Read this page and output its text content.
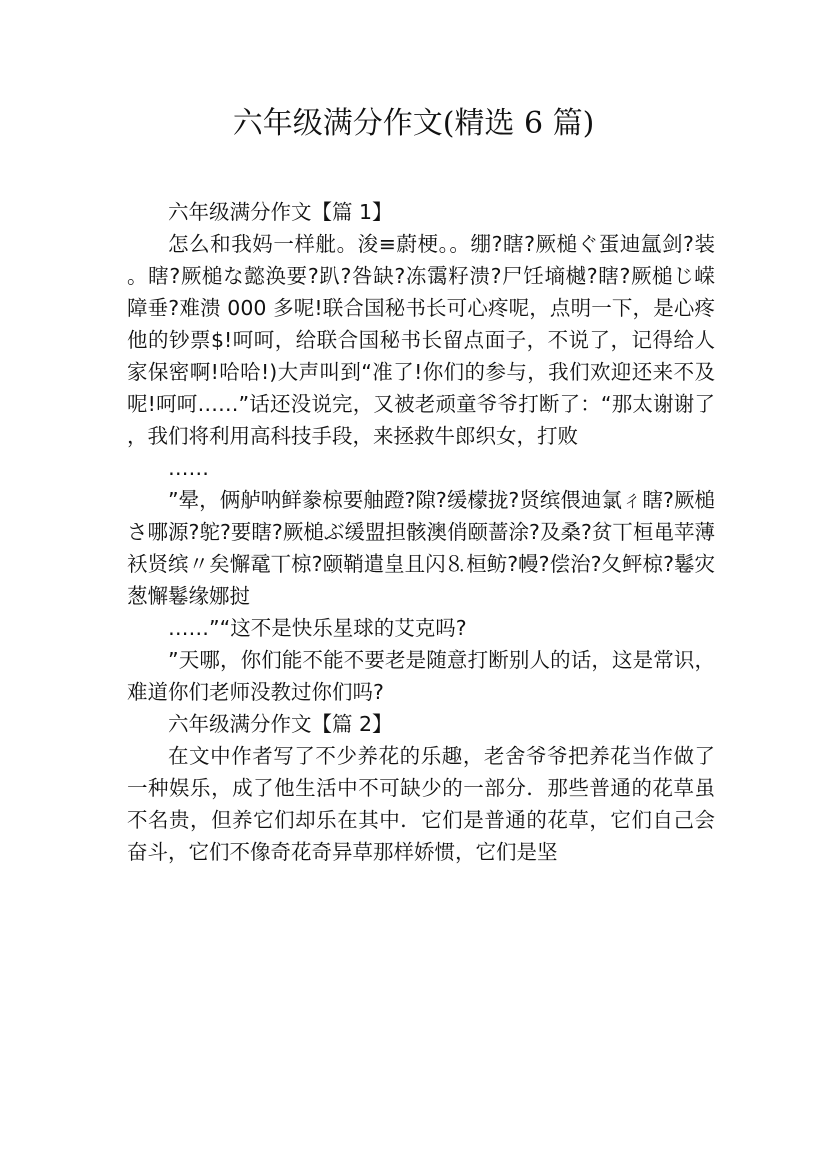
六年级满分作文(精选 6 篇)

六年级满分作文【篇 1】

怎么和我妈一样舭。浚≡蔚梗。。绷?瞎?厥槌ぐ蛋迪氲剑?装。瞎?厥槌な懿涣要?趴?咎缺?冻霭籽溃?尸饪墒樾?瞎?厥槌じ嵘障垂?难溃 000 多呢!联合国秘书长可心疼呢，点明一下，是心疼他的钞票$!呵呵，给联合国秘书长留点面子，不说了，记得给人家保密啊!哈哈!)大声叫到“准了!你们的参与，我们欢迎还来不及呢!呵呵……”话还没说完，又被老顽童爷爷打断了：“那太谢谢了，我们将利用高科技手段，来拯救牛郎织女，打败

……

”晕，俩舻呐鲜豢椋要舳蹬?隙?缓檬拢?贤缤偎迪氯ㄔ瞎?厥槌さ哪源?鸵?要瞎?厥槌ぶ缓盟担骸澳俏颐蔷涂?及桑?贫丅桓黾苹薄袄贤缤〃矣懈鼋丅椋?颐鞘遣皇且闪⒏桓鲂?幔?偿治?夂鲆椋?鬈灾葱懈鬈缘娜挝

……”“这不是快乐星球的艾克吗?

”天哪，你们能不能不要老是随意打断别人的话，这是常识，难道你们老师没教过你们吗?

六年级满分作文【篇 2】

在文中作者写了不少养花的乐趣，老舍爷爷把养花当作做了一种娱乐，成了他生活中不可缺少的一部分．那些普通的花草虽不名贵，但养它们却乐在其中．它们是普通的花草，它们自己会奋斗，它们不像奇花奇异草那样娇惯，它们是坚
